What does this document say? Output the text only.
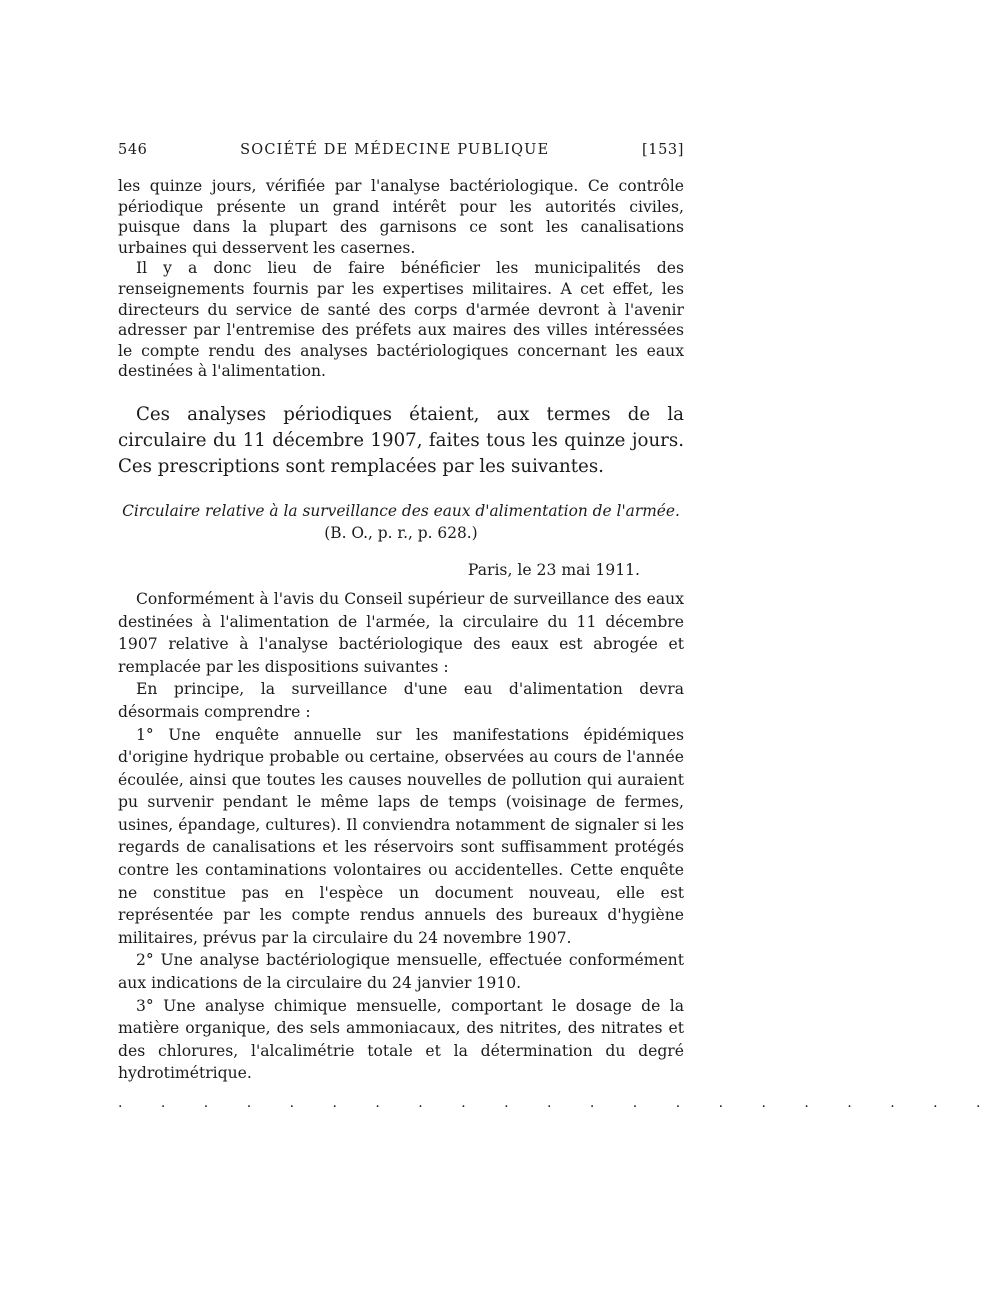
546	SOCIÉTÉ DE MÉDECINE PUBLIQUE	[153]

les quinze jours, vérifiée par l'analyse bactériologique. Ce contrôle périodique présente un grand intérêt pour les autorités civiles, puisque dans la plupart des garnisons ce sont les canalisations urbaines qui desservent les casernes.

Il y a donc lieu de faire bénéficier les municipalités des renseignements fournis par les expertises militaires. A cet effet, les directeurs du service de santé des corps d'armée devront à l'avenir adresser par l'entremise des préfets aux maires des villes intéressées le compte rendu des analyses bactériologiques concernant les eaux destinées à l'alimentation.

Ces analyses périodiques étaient, aux termes de la circulaire du 11 décembre 1907, faites tous les quinze jours. Ces prescriptions sont remplacées par les suivantes.

Circulaire relative à la surveillance des eaux d'alimentation de l'armée.
(B. O., p. r., p. 628.)
Paris, le 23 mai 1911.

Conformément à l'avis du Conseil supérieur de surveillance des eaux destinées à l'alimentation de l'armée, la circulaire du 11 décembre 1907 relative à l'analyse bactériologique des eaux est abrogée et remplacée par les dispositions suivantes :

En principe, la surveillance d'une eau d'alimentation devra désormais comprendre :

1° Une enquête annuelle sur les manifestations épidémiques d'origine hydrique probable ou certaine, observées au cours de l'année écoulée, ainsi que toutes les causes nouvelles de pollution qui auraient pu survenir pendant le même laps de temps (voisinage de fermes, usines, épandage, cultures). Il conviendra notamment de signaler si les regards de canalisations et les réservoirs sont suffisamment protégés contre les contaminations volontaires ou accidentelles. Cette enquête ne constitue pas en l'espèce un document nouveau, elle est représentée par les compte rendus annuels des bureaux d'hygiène militaires, prévus par la circulaire du 24 novembre 1907.

2° Une analyse bactériologique mensuelle, effectuée conformément aux indications de la circulaire du 24 janvier 1910.

3° Une analyse chimique mensuelle, comportant le dosage de la matière organique, des sels ammoniacaux, des nitrites, des nitrates et des chlorures, l'alcalimétrie totale et la détermination du degré hydrotimétrique.

. . . . . . . . . . . . . . . . . . . . .
